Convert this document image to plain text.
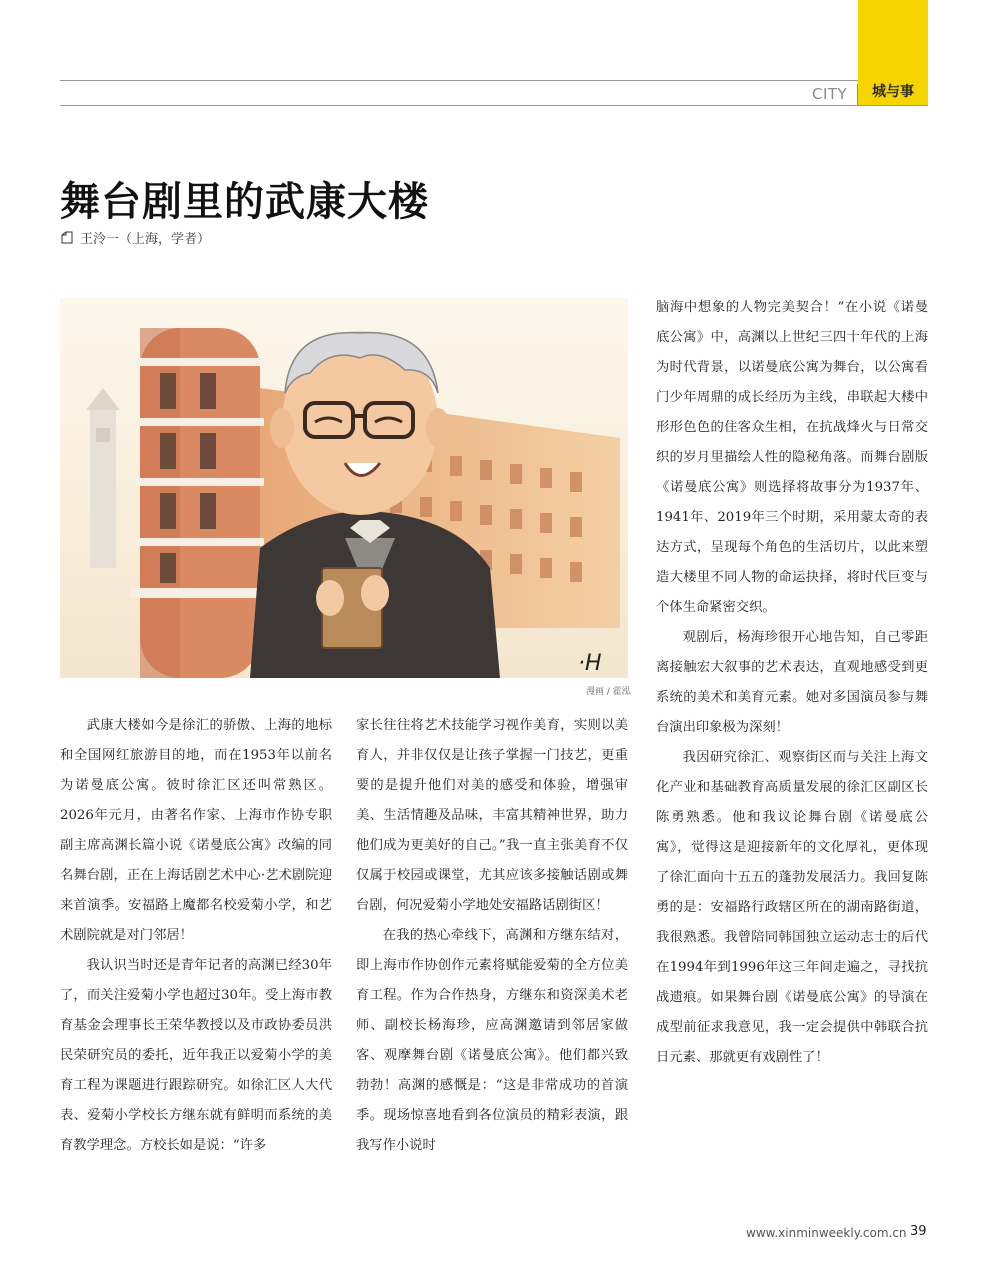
CITY	城与事
舞台剧里的武康大楼
王泠一（上海，学者）
·H
漫画 / 霍泓

武康大楼如今是徐汇的骄傲、上海的地标和全国网红旅游目的地，而在1953年以前名为诺曼底公寓。彼时徐汇区还叫常熟区。2026年元月，由著名作家、上海市作协专职副主席高渊长篇小说《诺曼底公寓》改编的同名舞台剧，正在上海话剧艺术中心·艺术剧院迎来首演季。安福路上魔都名校爱菊小学，和艺术剧院就是对门邻居！

我认识当时还是青年记者的高渊已经30年了，而关注爱菊小学也超过30年。受上海市教育基金会理事长王荣华教授以及市政协委员洪民荣研究员的委托，近年我正以爱菊小学的美育工程为课题进行跟踪研究。如徐汇区人大代表、爱菊小学校长方继东就有鲜明而系统的美育教学理念。方校长如是说：“许多

家长往往将艺术技能学习视作美育，实则以美育人，并非仅仅是让孩子掌握一门技艺，更重要的是提升他们对美的感受和体验，增强审美、生活情趣及品味，丰富其精神世界，助力他们成为更美好的自己。”我一直主张美育不仅仅属于校园或课堂，尤其应该多接触话剧或舞台剧，何况爱菊小学地处安福路话剧街区！

在我的热心牵线下，高渊和方继东结对，即上海市作协创作元素将赋能爱菊的全方位美育工程。作为合作热身，方继东和资深美术老师、副校长杨海珍，应高渊邀请到邻居家做客、观摩舞台剧《诺曼底公寓》。他们都兴致勃勃！高渊的感慨是：“这是非常成功的首演季。现场惊喜地看到各位演员的精彩表演，跟我写作小说时

脑海中想象的人物完美契合！”在小说《诺曼底公寓》中，高渊以上世纪三四十年代的上海为时代背景，以诺曼底公寓为舞台，以公寓看门少年周鼎的成长经历为主线，串联起大楼中形形色色的住客众生相，在抗战烽火与日常交织的岁月里描绘人性的隐秘角落。而舞台剧版《诺曼底公寓》则选择将故事分为1937年、1941年、2019年三个时期，采用蒙太奇的表达方式，呈现每个角色的生活切片，以此来塑造大楼里不同人物的命运抉择，将时代巨变与个体生命紧密交织。

观剧后，杨海珍很开心地告知，自己零距离接触宏大叙事的艺术表达，直观地感受到更系统的美术和美育元素。她对多国演员参与舞台演出印象极为深刻！

我因研究徐汇、观察街区而与关注上海文化产业和基础教育高质量发展的徐汇区副区长陈勇熟悉。他和我议论舞台剧《诺曼底公寓》，觉得这是迎接新年的文化厚礼，更体现了徐汇面向十五五的蓬勃发展活力。我回复陈勇的是：安福路行政辖区所在的湖南路街道，我很熟悉。我曾陪同韩国独立运动志士的后代在1994年到1996年这三年间走遍之，寻找抗战遗痕。如果舞台剧《诺曼底公寓》的导演在成型前征求我意见，我一定会提供中韩联合抗日元素、那就更有戏剧性了！

www.xinminweekly.com.cn 39
